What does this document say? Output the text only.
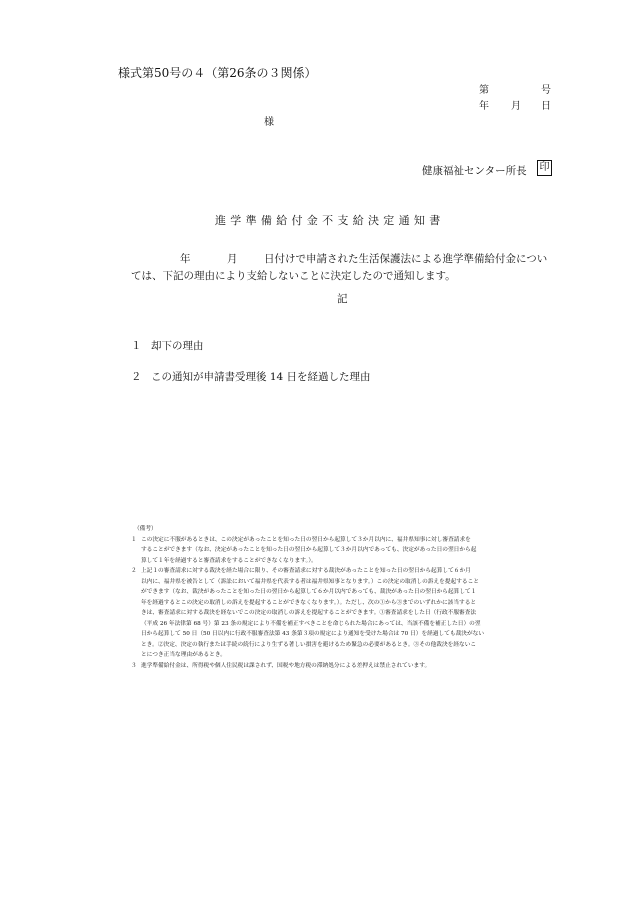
様式第50号の４（第26条の３関係）
第	号
年 月 日
様
健康福祉センター所長 印
進学準備給付金不支給決定通知書
年	月	日付けで申請された生活保護法による進学準備給付金につい
ては、下記の理由により支給しないことに決定したので通知します。
記
１ 却下の理由
２ この通知が申請書受理後 14 日を経過した理由
（備考）
１ この決定に不服があるときは、この決定があったことを知った日の翌日から起算して３か月以内に、福井県知事に対し審査請求を
することができます（なお、決定があったことを知った日の翌日から起算して３か月以内であっても、決定があった日の翌日から起
算して１年を経過すると審査請求をすることができなくなります。）。
２ 上記１の審査請求に対する裁決を経た場合に限り、その審査請求に対する裁決があったことを知った日の翌日から起算して６か月
以内に、福井県を被告として（訴訟において福井県を代表する者は福井県知事となります。）この決定の取消しの訴えを提起すること
ができます（なお、裁決があったことを知った日の翌日から起算して６か月以内であっても、裁決があった日の翌日から起算して１
年を経過するとこの決定の取消しの訴えを提起することができなくなります。）。ただし、次の①から③までのいずれかに該当すると
きは、審査請求に対する裁決を経ないでこの決定の取消しの訴えを提起することができます。①審査請求をした日（行政不服審査法
（平成 26 年法律第 68 号）第 23 条の規定により不備を補正すべきことを命じられた場合にあっては、当該不備を補正した日）の翌
日から起算して 50 日（50 日以内に行政不服審査法第 43 条第３項の規定により通知を受けた場合は 70 日）を経過しても裁決がない
とき。②決定、決定の執行または手続の続行により生ずる著しい損害を避けるため緊急の必要があるとき。③その他裁決を経ないこ
とにつき正当な理由があるとき。
３ 進学準備給付金は、所得税や個人住民税は課されず、国税や地方税の滞納処分による差押えは禁止されています。
